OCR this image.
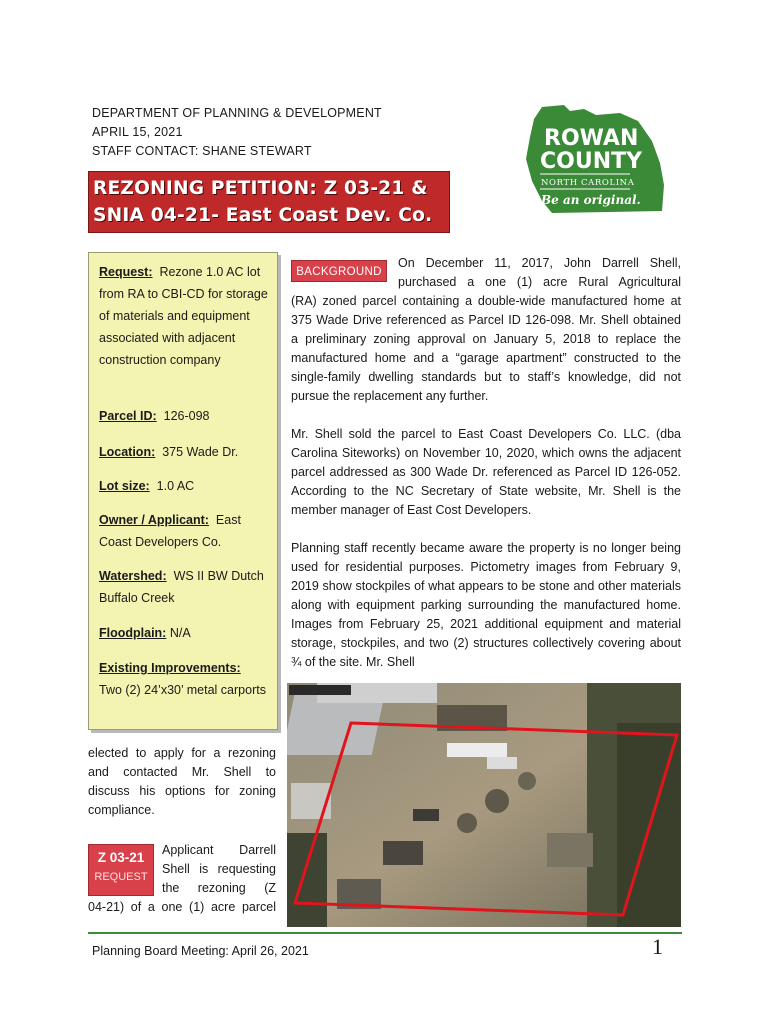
DEPARTMENT OF PLANNING & DEVELOPMENT
APRIL 15, 2021
STAFF CONTACT: SHANE STEWART
REZONING PETITION: Z 03-21 &
SNIA 04-21- East Coast Dev. Co.
ROWAN
COUNTY
NORTH CAROLINA
Be an original.
Request: Rezone 1.0 AC lot from RA to CBI-CD for storage of materials and equipment associated with adjacent construction company
Parcel ID: 126-098
Location: 375 Wade Dr.
Lot size: 1.0 AC
Owner / Applicant: East Coast Developers Co.
Watershed: WS II BW Dutch Buffalo Creek
Floodplain: N/A
Existing Improvements:
Two (2) 24’x30’ metal carports
BACKGROUND
On December 11, 2017, John Darrell Shell,
purchased a one (1) acre Rural Agricultural
(RA) zoned parcel containing a double-wide manufactured home at 375 Wade Drive referenced as Parcel ID 126-098. Mr. Shell obtained a preliminary zoning approval on January 5, 2018 to replace the manufactured home and a “garage apartment” constructed to the single-family dwelling standards but to staff’s knowledge, did not pursue the replacement any further.
Mr. Shell sold the parcel to East Coast Developers Co. LLC. (dba Carolina Siteworks) on November 10, 2020, which owns the adjacent parcel addressed as 300 Wade Dr. referenced as Parcel ID 126-052. According to the NC Secretary of State website, Mr. Shell is the member manager of East Cost Developers.
Planning staff recently became aware the property is no longer being used for residential purposes. Pictometry images from February 9, 2019 show stockpiles of what appears to be stone and other materials along with equipment parking surrounding the manufactured home. Images from February 25, 2021 additional equipment and material storage, stockpiles, and two (2) structures collectively covering about ¾ of the site. Mr. Shell
elected to apply for a rezoning and contacted Mr. Shell to discuss his options for zoning compliance.
Z 03-21
REQUEST
Applicant Darrell
Shell is requesting
the rezoning (Z
04-21) of a one (1) acre parcel
Planning Board Meeting: April 26, 2021	1
